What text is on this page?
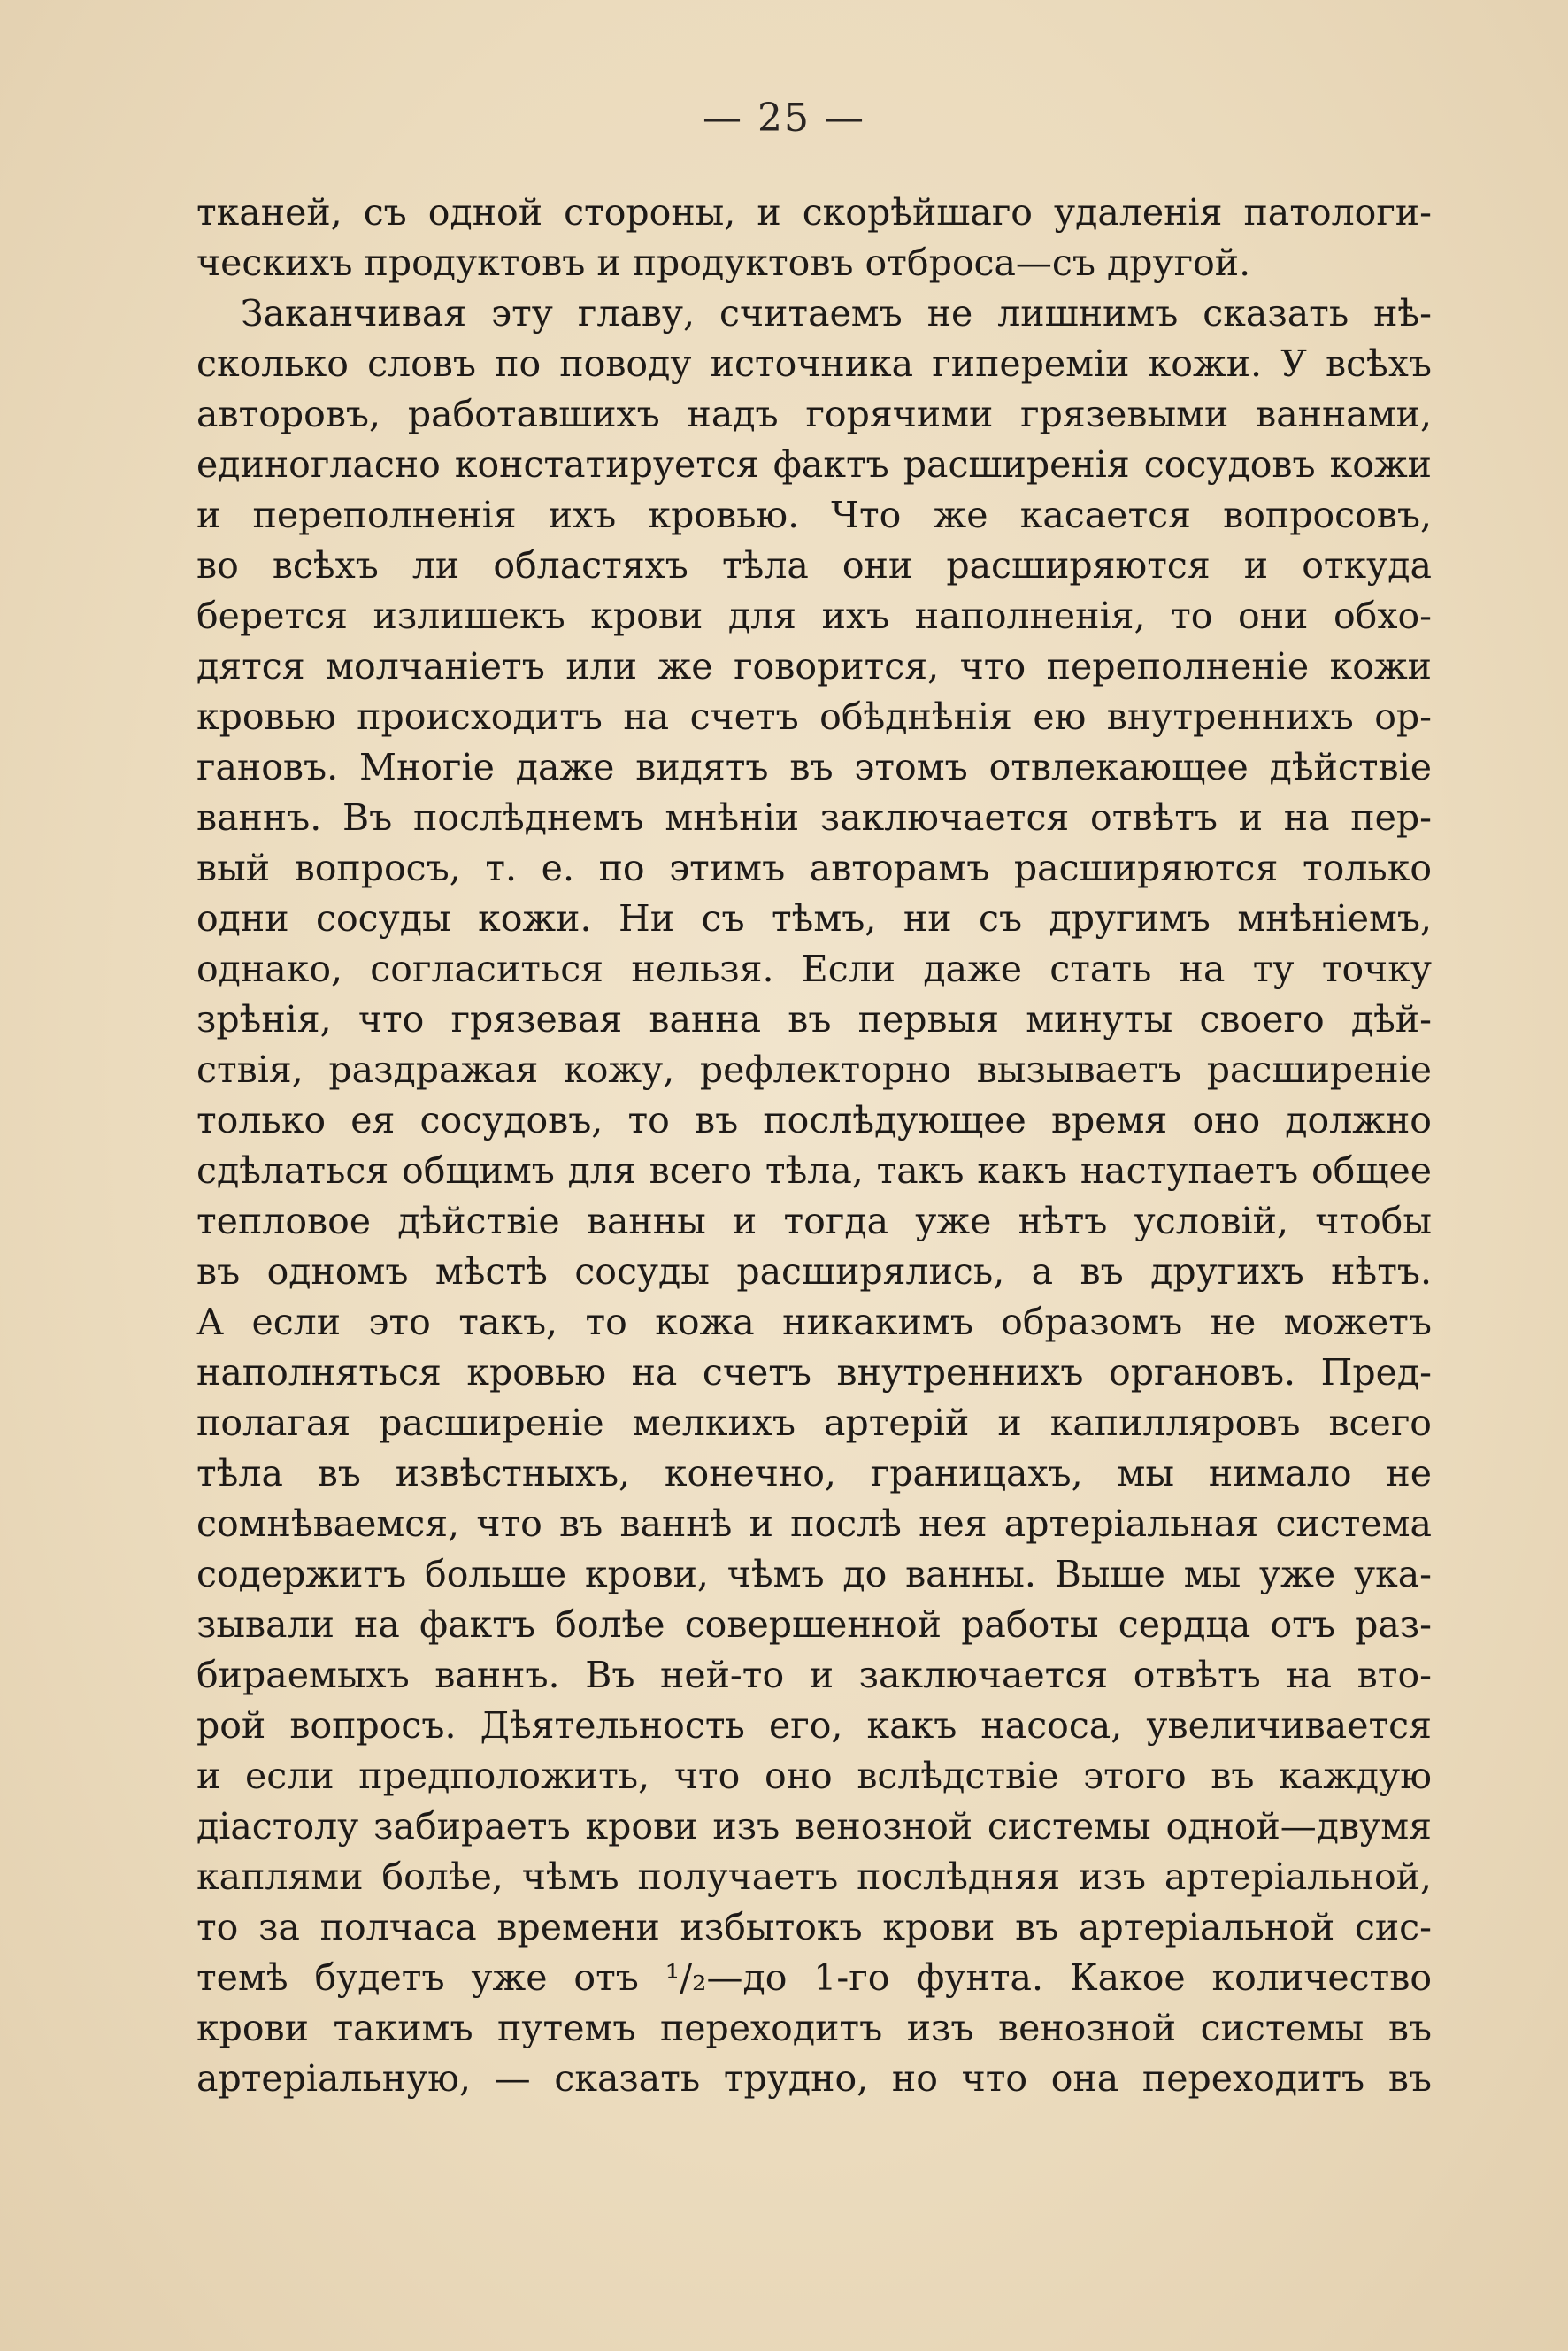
— 25 —
тканей, съ одной стороны, и скорѣйшаго удаленія патологи-
ческихъ продуктовъ и продуктовъ отброса—съ другой.
Заканчивая эту главу, считаемъ не лишнимъ сказать нѣ-
сколько словъ по поводу источника гипереміи кожи. У всѣхъ
авторовъ, работавшихъ надъ горячими грязевыми ваннами,
единогласно констатируется фактъ расширенія сосудовъ кожи
и переполненія ихъ кровью. Что же касается вопросовъ,
во всѣхъ ли областяхъ тѣла они расширяются и откуда
берется излишекъ крови для ихъ наполненія, то они обхо-
дятся молчаніетъ или же говорится, что переполненіе кожи
кровью происходитъ на счетъ обѣднѣнія ею внутреннихъ ор-
гановъ. Многіе даже видятъ въ этомъ отвлекающее дѣйствіе
ваннъ. Въ послѣднемъ мнѣніи заключается отвѣтъ и на пер-
вый вопросъ, т. е. по этимъ авторамъ расширяются только
одни сосуды кожи. Ни съ тѣмъ, ни съ другимъ мнѣніемъ,
однако, согласиться нельзя. Если даже стать на ту точку
зрѣнія, что грязевая ванна въ первыя минуты своего дѣй-
ствія, раздражая кожу, рефлекторно вызываетъ расширеніе
только ея сосудовъ, то въ послѣдующее время оно должно
сдѣлаться общимъ для всего тѣла, такъ какъ наступаетъ общее
тепловое дѣйствіе ванны и тогда уже нѣтъ условій, чтобы
въ одномъ мѣстѣ сосуды расширялись, а въ другихъ нѣтъ.
А если это такъ, то кожа никакимъ образомъ не можетъ
наполняться кровью на счетъ внутреннихъ органовъ. Пред-
полагая расширеніе мелкихъ артерій и капилляровъ всего
тѣла въ извѣстныхъ, конечно, границахъ, мы нимало не
сомнѣваемся, что въ ваннѣ и послѣ нея артеріальная система
содержитъ больше крови, чѣмъ до ванны. Выше мы уже ука-
зывали на фактъ болѣе совершенной работы сердца отъ раз-
бираемыхъ ваннъ. Въ ней-то и заключается отвѣтъ на вто-
рой вопросъ. Дѣятельность его, какъ насоса, увеличивается
и если предположить, что оно вслѣдствіе этого въ каждую
діастолу забираетъ крови изъ венозной системы одной—двумя
каплями болѣе, чѣмъ получаетъ послѣдняя изъ артеріальной,
то за полчаса времени избытокъ крови въ артеріальной сис-
темѣ будетъ уже отъ ¹/₂—до 1-го фунта. Какое количество
крови такимъ путемъ переходитъ изъ венозной системы въ
артеріальную, — сказать трудно, но что она переходитъ въ
